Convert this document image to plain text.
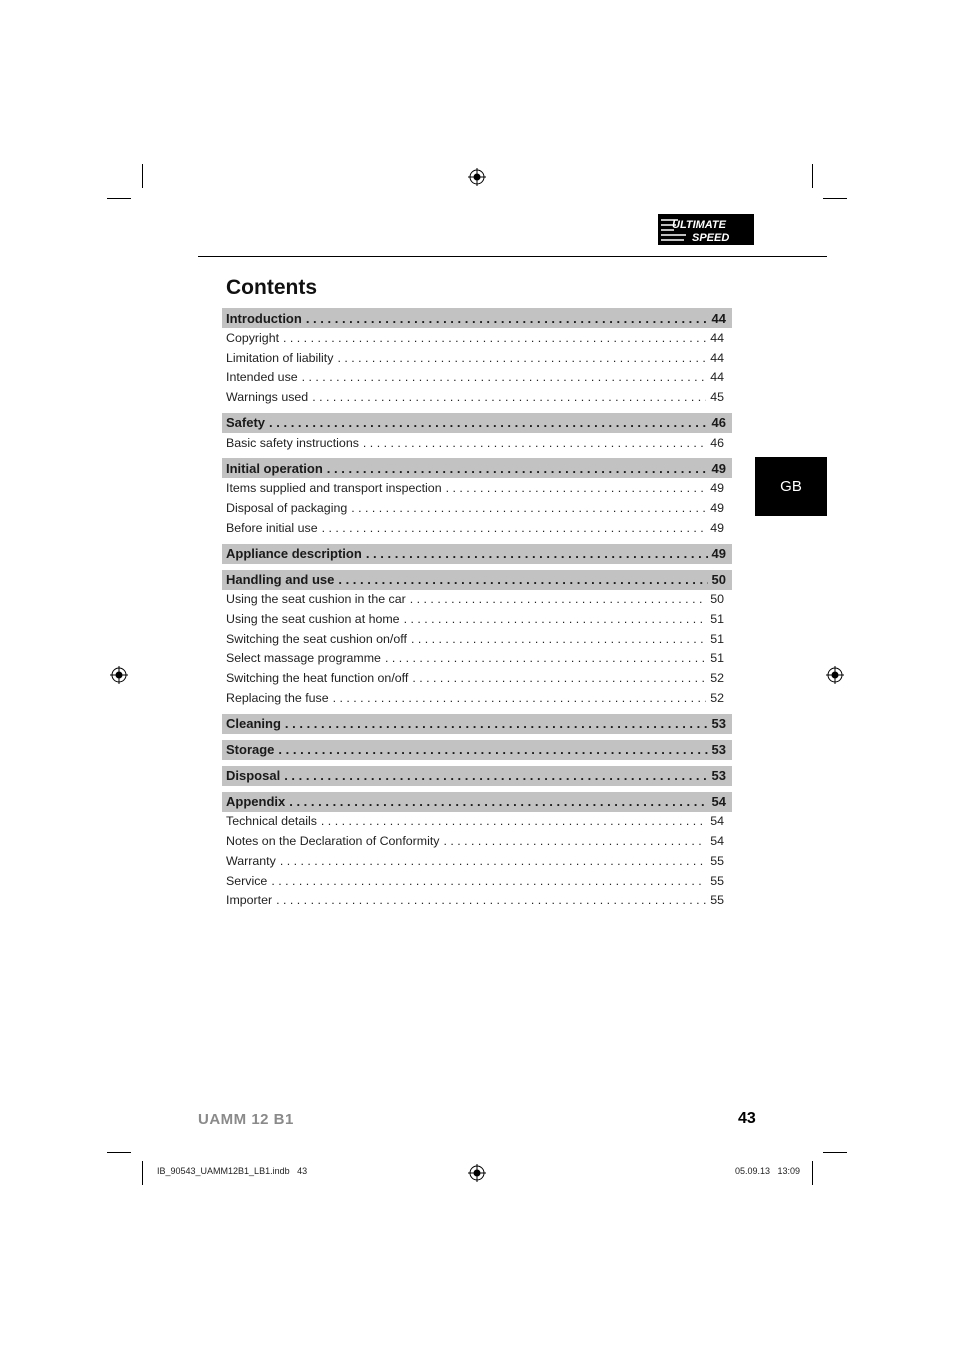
ULTIMATE
SPEED
Contents
Introduction . . .	44
Copyright . . .	44
Limitation of liability . . .	44
Intended use . . .	44
Warnings used . . .	45
Safety . . .	46
Basic safety instructions . . .	46
Initial operation . . .	49
Items supplied and transport inspection . . .	49
Disposal of packaging . . .	49
Before initial use . . .	49
Appliance description . . .	49
Handling and use . . .	50
Using the seat cushion in the car . . .	50
Using the seat cushion at home . . .	51
Switching the seat cushion on/off . . .	51
Select massage programme . . .	51
Switching the heat function on/off . . .	52
Replacing the fuse . . .	52
Cleaning . . .	53
Storage . . .	53
Disposal . . .	53
Appendix . . .	54
Technical details . . .	54
Notes on the Declaration of Conformity . . .	54
Warranty . . .	55
Service . . .	55
Importer . . .	55
GB
UAMM 12 B1	43
IB_90543_UAMM12B1_LB1.indb   43	05.09.13   13:09
